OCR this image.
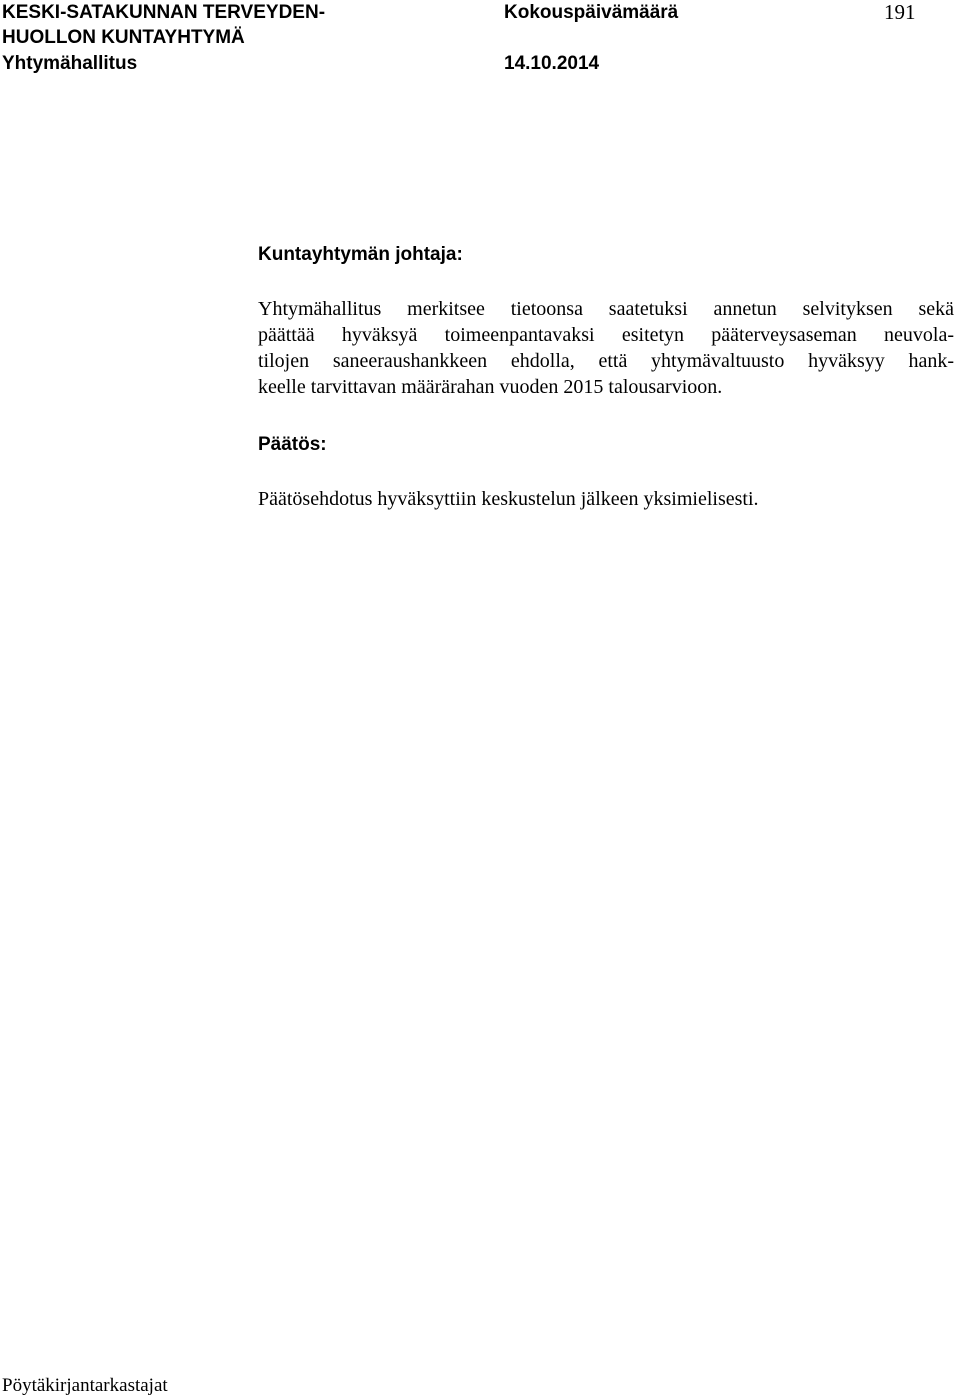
KESKI-SATAKUNNAN TERVEYDEN-
HUOLLON KUNTAYHTYMÄ
Yhtymähallitus
Kokouspäivämäärä
14.10.2014
191
Kuntayhtymän johtaja:
Yhtymähallitus merkitsee tietoonsa saatetuksi annetun selvityksen sekä
päättää hyväksyä toimeenpantavaksi esitetyn pääterveysaseman neuvola-
tilojen saneeraushankkeen ehdolla, että yhtymävaltuusto hyväksyy hank-
keelle tarvittavan määrärahan vuoden 2015 talousarvioon.
Päätös:
Päätösehdotus hyväksyttiin keskustelun jälkeen yksimielisesti.
Pöytäkirjantarkastajat
